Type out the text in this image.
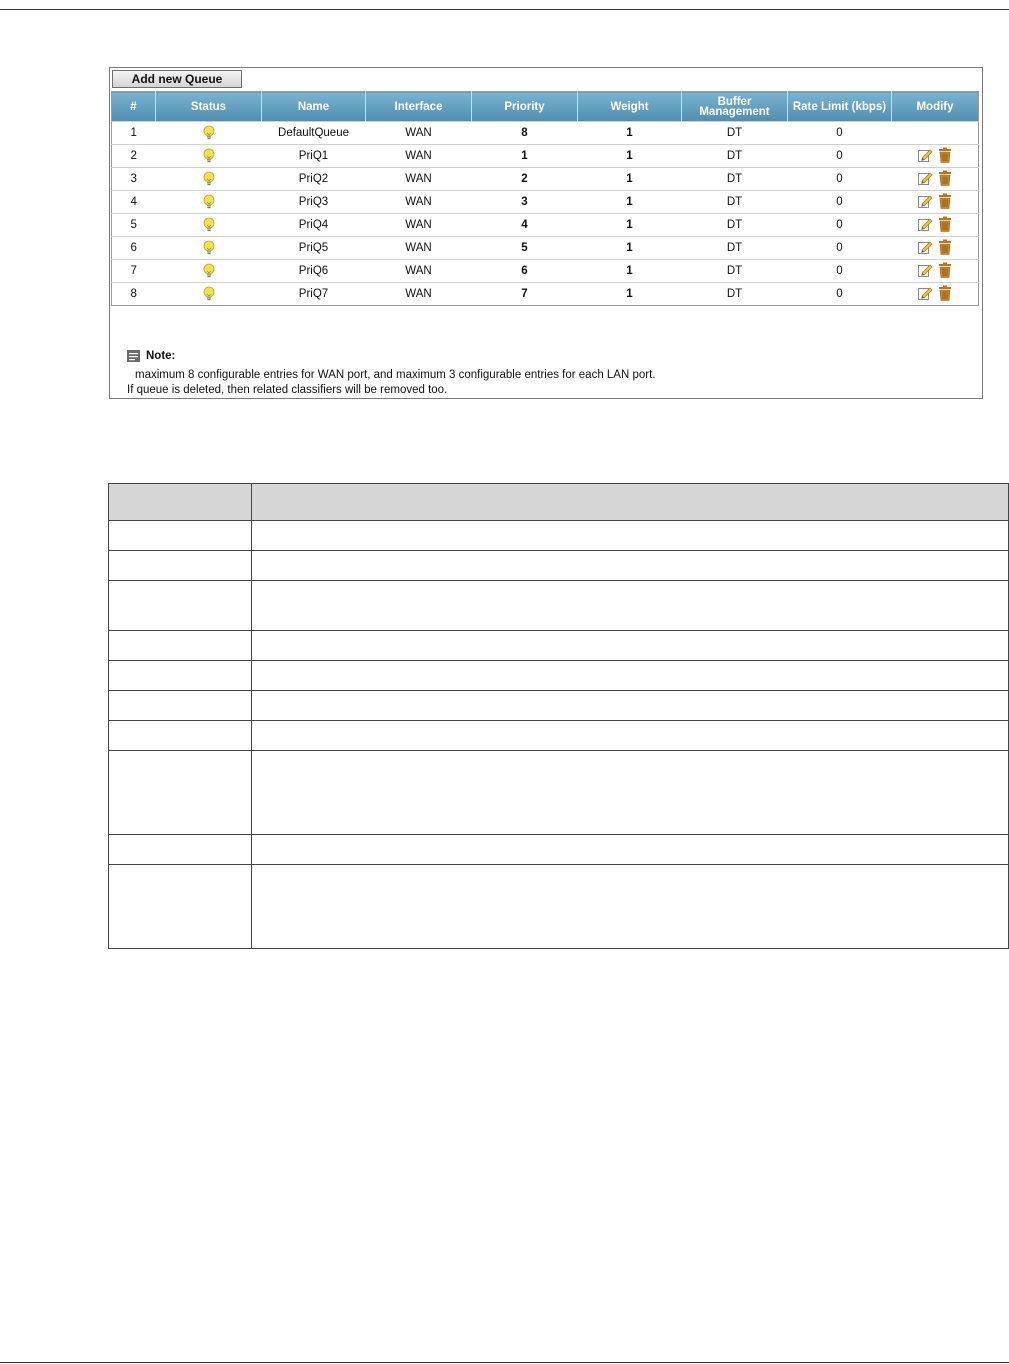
Add new Queue
#	Status	Name	Interface	Priority	Weight	Buffer Management	Rate Limit (kbps)	Modify
1		DefaultQueue	WAN	8	1	DT	0	
2		PriQ1	WAN	1	1	DT	0	

3		PriQ2	WAN	2	1	DT	0	

4		PriQ3	WAN	3	1	DT	0	

5		PriQ4	WAN	4	1	DT	0	

6		PriQ5	WAN	5	1	DT	0	

7		PriQ6	WAN	6	1	DT	0	

8		PriQ7	WAN	7	1	DT	0	
Note:
maximum 8 configurable entries for WAN port, and maximum 3 configurable entries for each LAN port.
If queue is deleted, then related classifiers will be removed too.
